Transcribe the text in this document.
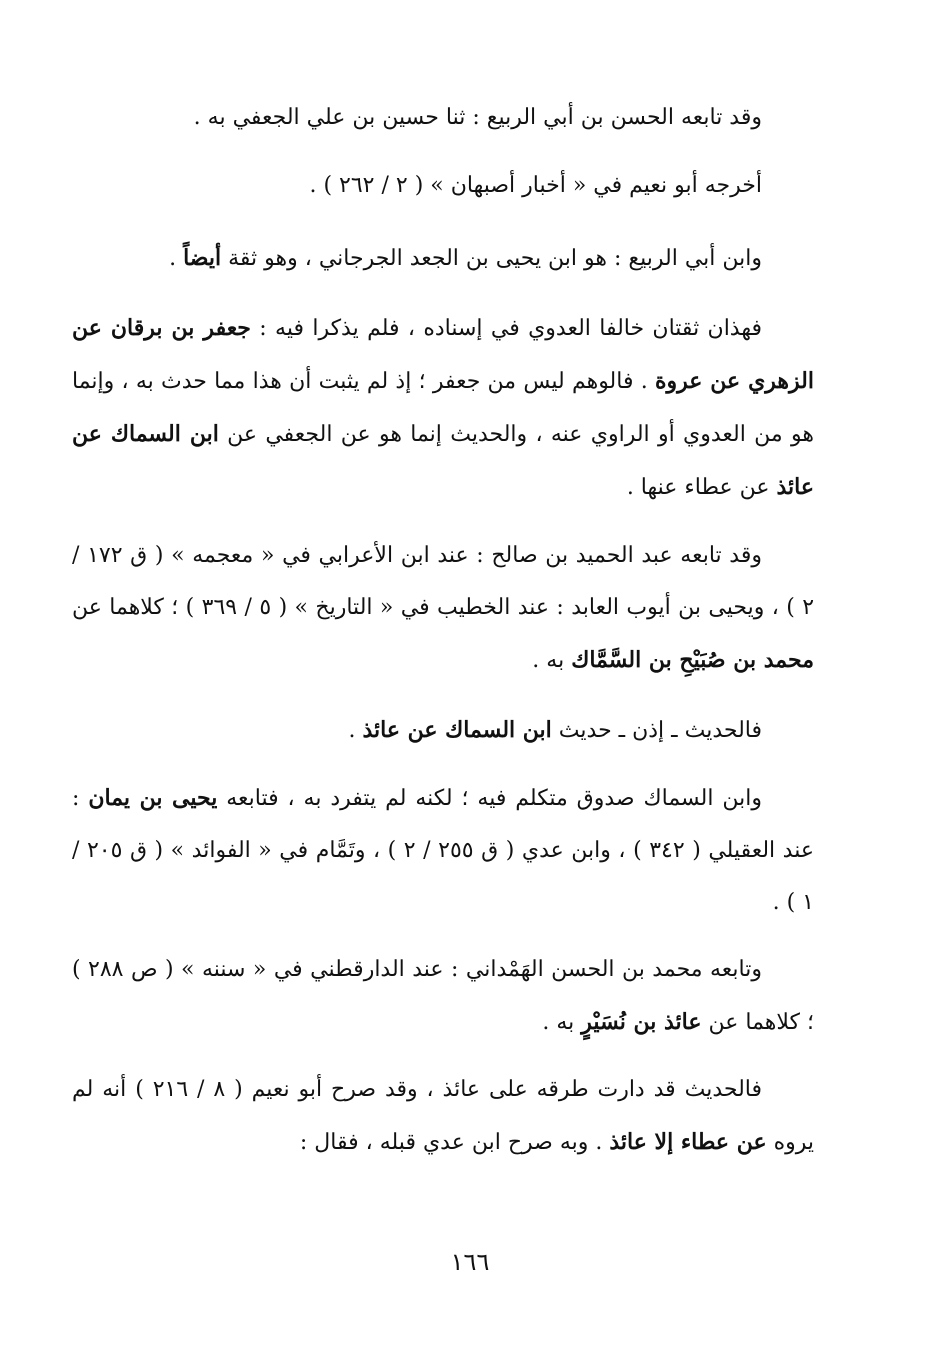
وقد تابعه الحسن بن أبي الربيع : ثنا حسين بن علي الجعفي به .

أخرجه أبو نعيم في « أخبار أصبهان » ( ٢ / ٢٦٢ ) .

وابن أبي الربيع : هو ابن يحيى بن الجعد الجرجاني ، وهو ثقة أيضاً .

فهذان ثقتان خالفا العدوي في إسناده ، فلم يذكرا فيه : جعفر بن برقان عن الزهري عن عروة . فالوهم ليس من جعفر ؛ إذ لم يثبت أن هذا مما حدث به ، وإنما هو من العدوي أو الراوي عنه ، والحديث إنما هو عن الجعفي عن ابن السماك عن عائذ عن عطاء عنها .

وقد تابعه عبد الحميد بن صالح : عند ابن الأعرابي في « معجمه » ( ق ١٧٢ / ٢ ) ، ويحيى بن أيوب العابد : عند الخطيب في « التاريخ » ( ٥ / ٣٦٩ ) ؛ كلاهما عن محمد بن صُبَيْحِ بن السَّمَّاك به .

فالحديث ـ إذن ـ حديث ابن السماك عن عائذ .

وابن السماك صدوق متكلم فيه ؛ لكنه لم يتفرد به ، فتابعه يحيى بن يمان : عند العقيلي ( ٣٤٢ ) ، وابن عدي ( ق ٢٥٥ / ٢ ) ، وتَمَّام في « الفوائد » ( ق ٢٠٥ / ١ ) .

وتابعه محمد بن الحسن الهَمْداني : عند الدارقطني في « سننه » ( ص ٢٨٨ ) ؛ كلاهما عن عائذ بن نُسَيْرٍ به .

فالحديث قد دارت طرقه على عائذ ، وقد صرح أبو نعيم ( ٨ / ٢١٦ ) أنه لم يروه عن عطاء إلا عائذ . وبه صرح ابن عدي قبله ، فقال :

١٦٦
